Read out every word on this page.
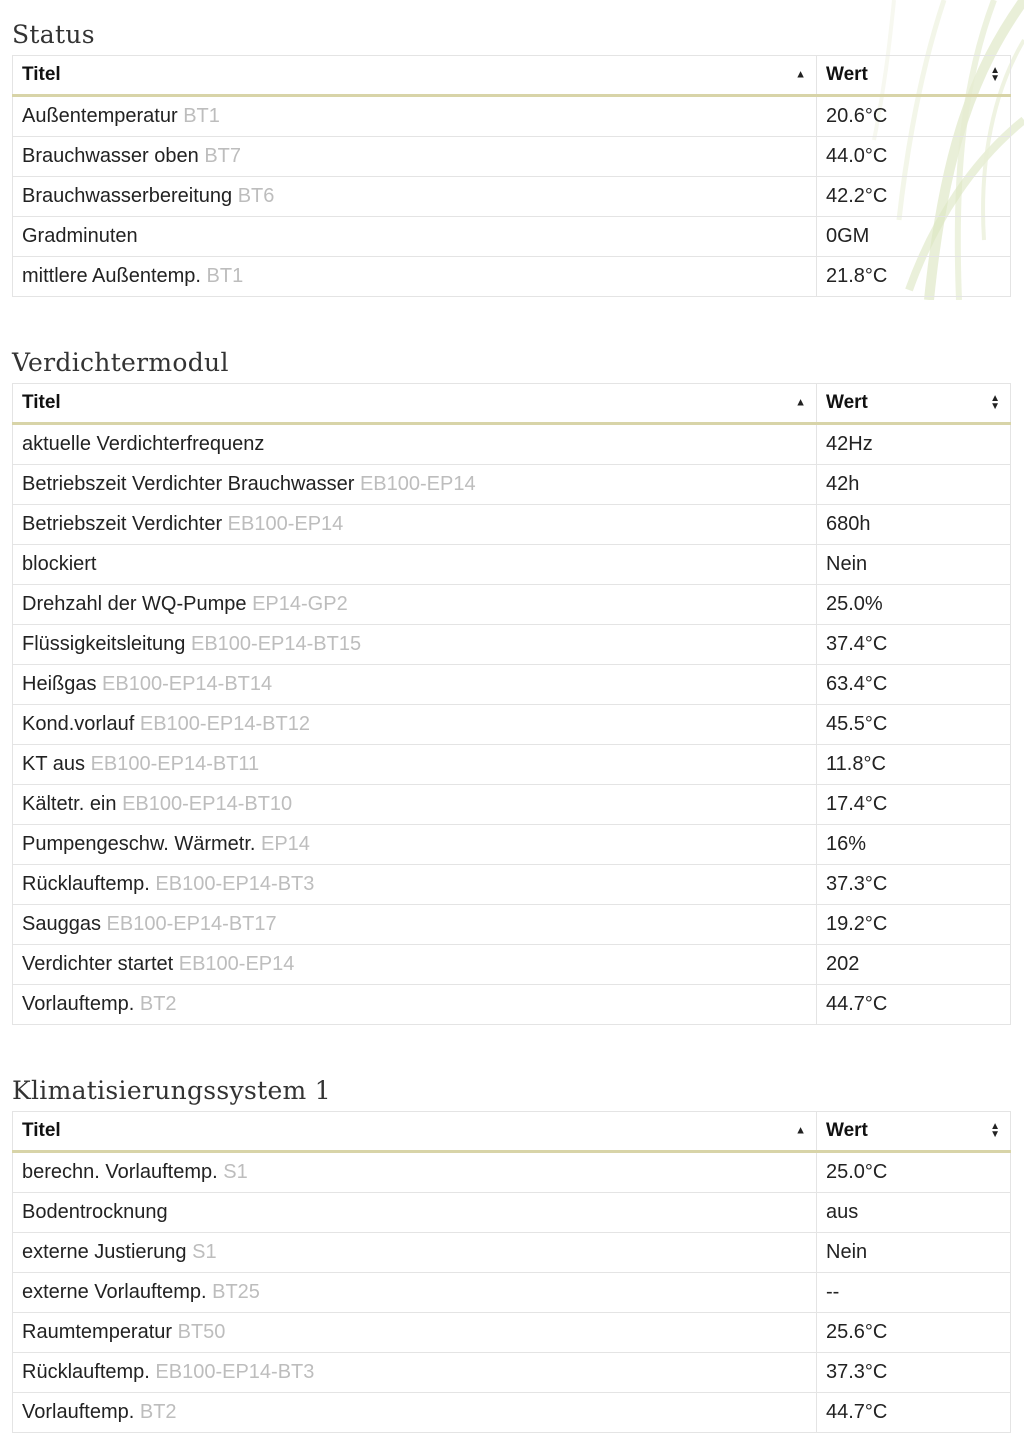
Status
Titel ▲	Wert ▲
▼

Außentemperatur BT1	20.6°C
Brauchwasser oben BT7	44.0°C
Brauchwasserbereitung BT6	42.2°C
Gradminuten	0GM
mittlere Außentemp. BT1	21.8°C
Verdichtermodul
Titel ▲	Wert ▲
▼

aktuelle Verdichterfrequenz	42Hz
Betriebszeit Verdichter Brauchwasser EB100-EP14	42h
Betriebszeit Verdichter EB100-EP14	680h
blockiert	Nein
Drehzahl der WQ-Pumpe EP14-GP2	25.0%
Flüssigkeitsleitung EB100-EP14-BT15	37.4°C
Heißgas EB100-EP14-BT14	63.4°C
Kond.vorlauf EB100-EP14-BT12	45.5°C
KT aus EB100-EP14-BT11	11.8°C
Kältetr. ein EB100-EP14-BT10	17.4°C
Pumpengeschw. Wärmetr. EP14	16%
Rücklauftemp. EB100-EP14-BT3	37.3°C
Sauggas EB100-EP14-BT17	19.2°C
Verdichter startet EB100-EP14	202
Vorlauftemp. BT2	44.7°C
Klimatisierungssystem 1
Titel ▲	Wert ▲
▼

berechn. Vorlauftemp. S1	25.0°C
Bodentrocknung	aus
externe Justierung S1	Nein
externe Vorlauftemp. BT25	--
Raumtemperatur BT50	25.6°C
Rücklauftemp. EB100-EP14-BT3	37.3°C
Vorlauftemp. BT2	44.7°C
